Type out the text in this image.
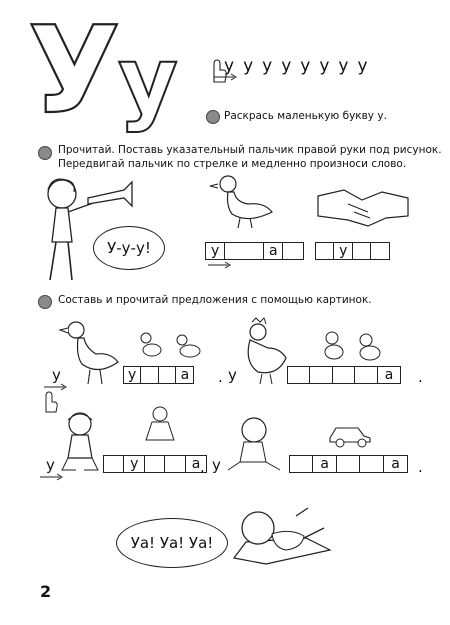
У
у	у у у у у у у у
Раскрась маленькую букву у.
Прочитай. Поставь указательный пальчик правой руки под рисунок.
Передвигай пальчик по стрелке и медленно произноси слово.
У-у-у!	у	а	у
Составь и прочитай предложения с помощью картинок.
у	у	а	. у	а	.
у	у	а . у	а	а	.
Уа! Уа! Уа!
2
